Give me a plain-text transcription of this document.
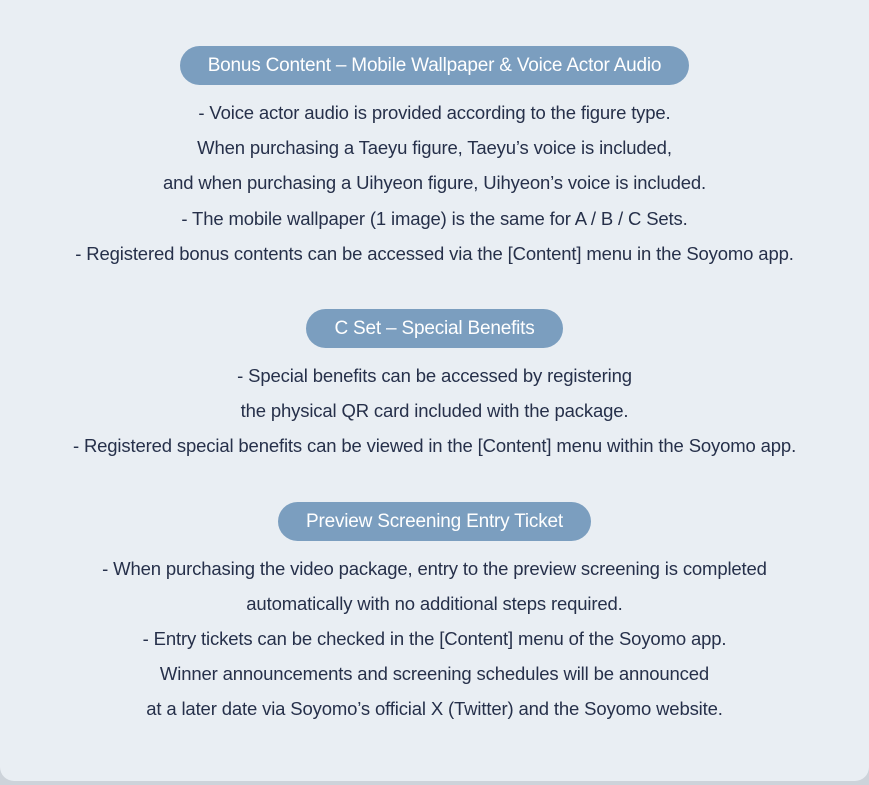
Bonus Content – Mobile Wallpaper & Voice Actor Audio
- Voice actor audio is provided according to the figure type.
When purchasing a Taeyu figure, Taeyu’s voice is included,
and when purchasing a Uihyeon figure, Uihyeon’s voice is included.
- The mobile wallpaper (1 image) is the same for A / B / C Sets.
- Registered bonus contents can be accessed via the [Content] menu in the Soyomo app.
C Set – Special Benefits
- Special benefits can be accessed by registering
the physical QR card included with the package.
- Registered special benefits can be viewed in the [Content] menu within the Soyomo app.
Preview Screening Entry Ticket
- When purchasing the video package, entry to the preview screening is completed
automatically with no additional steps required.
- Entry tickets can be checked in the [Content] menu of the Soyomo app.
Winner announcements and screening schedules will be announced
at a later date via Soyomo’s official X (Twitter) and the Soyomo website.
